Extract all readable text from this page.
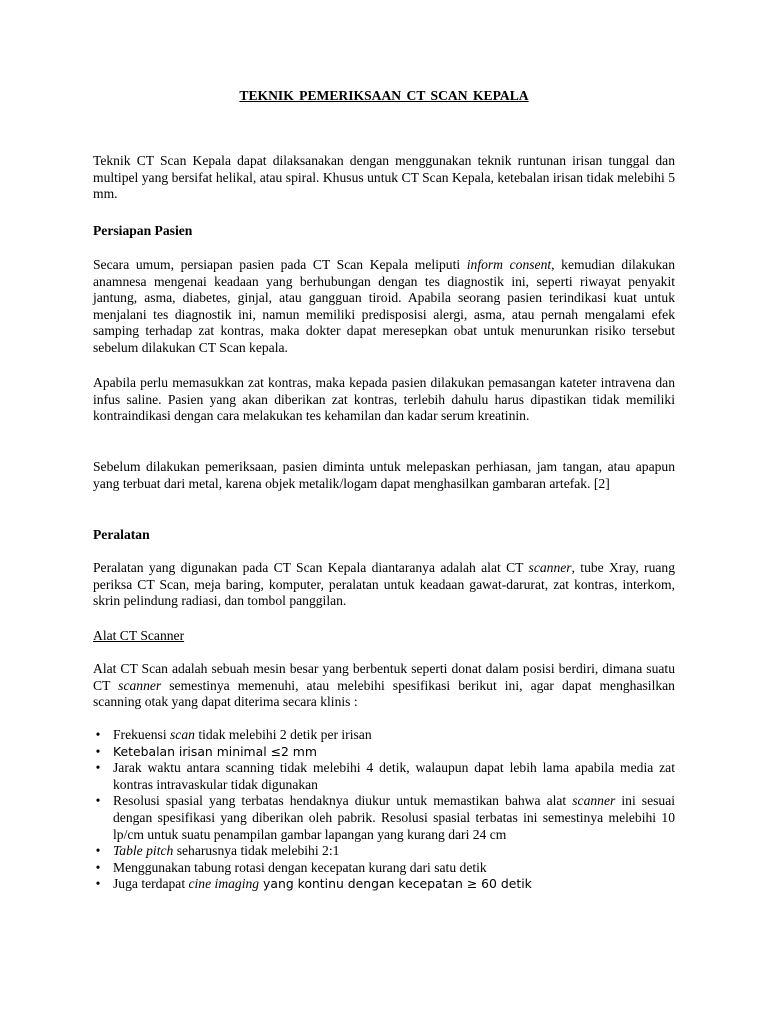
TEKNIK PEMERIKSAAN CT SCAN KEPALA

Teknik CT Scan Kepala dapat dilaksanakan dengan menggunakan teknik runtunan irisan tunggal dan multipel yang bersifat helikal, atau spiral. Khusus untuk CT Scan Kepala, ketebalan irisan tidak melebihi 5 mm.

Persiapan Pasien

Secara umum, persiapan pasien pada CT Scan Kepala meliputi inform consent, kemudian dilakukan anamnesa mengenai keadaan yang berhubungan dengan tes diagnostik ini, seperti riwayat penyakit jantung, asma, diabetes, ginjal, atau gangguan tiroid. Apabila seorang pasien terindikasi kuat untuk menjalani tes diagnostik ini, namun memiliki predisposisi alergi, asma, atau pernah mengalami efek samping terhadap zat kontras, maka dokter dapat meresepkan obat untuk menurunkan risiko tersebut sebelum dilakukan CT Scan kepala.

Apabila perlu memasukkan zat kontras, maka kepada pasien dilakukan pemasangan kateter intravena dan infus saline. Pasien yang akan diberikan zat kontras, terlebih dahulu harus dipastikan tidak memiliki kontraindikasi dengan cara melakukan tes kehamilan dan kadar serum kreatinin.

Sebelum dilakukan pemeriksaan, pasien diminta untuk melepaskan perhiasan, jam tangan, atau apapun yang terbuat dari metal, karena objek metalik/logam dapat menghasilkan gambaran artefak. [2]

Peralatan

Peralatan yang digunakan pada CT Scan Kepala diantaranya adalah alat CT scanner, tube Xray, ruang periksa CT Scan, meja baring, komputer, peralatan untuk keadaan gawat-darurat, zat kontras, interkom, skrin pelindung radiasi, dan tombol panggilan.

Alat CT Scanner

Alat CT Scan adalah sebuah mesin besar yang berbentuk seperti donat dalam posisi berdiri, dimana suatu CT scanner semestinya memenuhi, atau melebihi spesifikasi berikut ini, agar dapat menghasilkan scanning otak yang dapat diterima secara klinis :

• Frekuensi scan tidak melebihi 2 detik per irisan
• Ketebalan irisan minimal ≤2 mm
• Jarak waktu antara scanning tidak melebihi 4 detik, walaupun dapat lebih lama apabila media zat kontras intravaskular tidak digunakan
• Resolusi spasial yang terbatas hendaknya diukur untuk memastikan bahwa alat scanner ini sesuai dengan spesifikasi yang diberikan oleh pabrik. Resolusi spasial terbatas ini semestinya melebihi 10 lp/cm untuk suatu penampilan gambar lapangan yang kurang dari 24 cm
• Table pitch seharusnya tidak melebihi 2:1
• Menggunakan tabung rotasi dengan kecepatan kurang dari satu detik
• Juga terdapat cine imaging yang kontinu dengan kecepatan ≥ 60 detik
